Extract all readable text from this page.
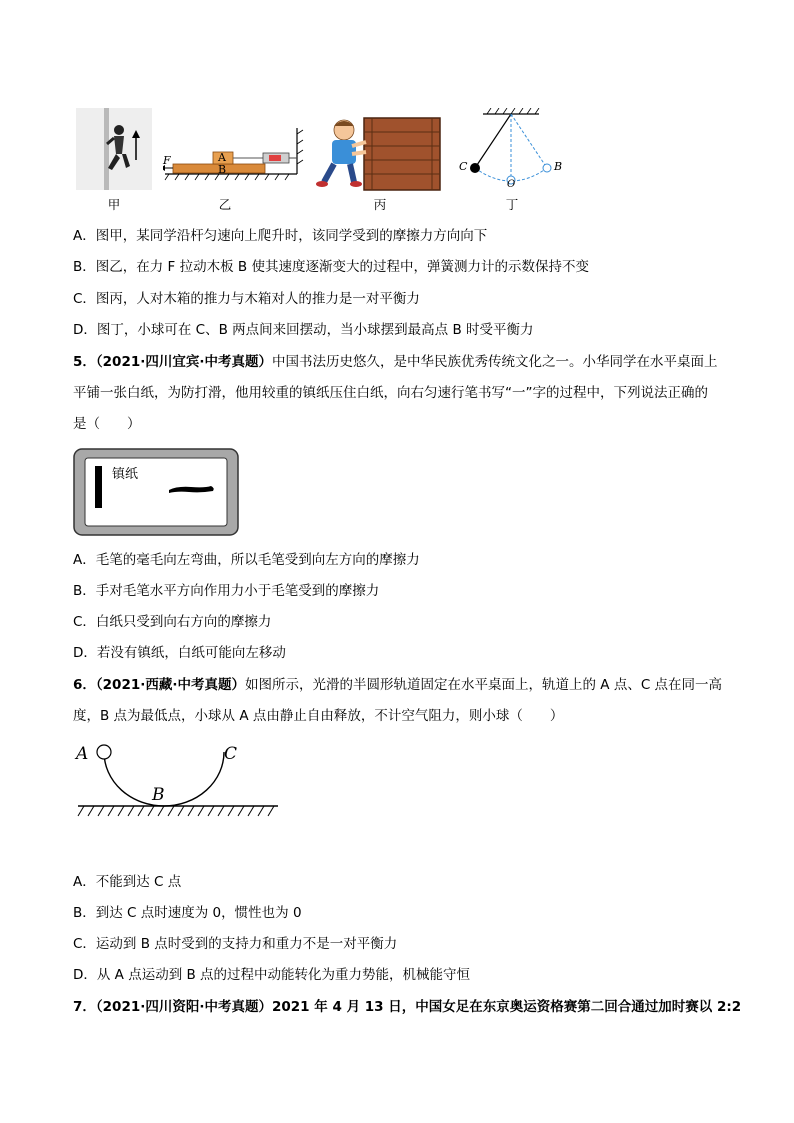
甲
F	A
B
乙	丙
C
O
B
丁
A．图甲，某同学沿杆匀速向上爬升时，该同学受到的摩擦力方向向下
B．图乙，在力 F 拉动木板 B 使其速度逐渐变大的过程中，弹簧测力计的示数保持不变
C．图丙，人对木箱的推力与木箱对人的推力是一对平衡力
D．图丁，小球可在 C、B 两点间来回摆动，当小球摆到最高点 B 时受平衡力
5．（2021·四川宜宾·中考真题）中国书法历史悠久，是中华民族优秀传统文化之一。小华同学在水平桌面上
平铺一张白纸，为防打滑，他用较重的镇纸压住白纸，向右匀速行笔书写“一”字的过程中，下列说法正确的
是（　　）
镇纸
A．毛笔的毫毛向左弯曲，所以毛笔受到向左方向的摩擦力
B．手对毛笔水平方向作用力小于毛笔受到的摩擦力
C．白纸只受到向右方向的摩擦力
D．若没有镇纸，白纸可能向左移动
6．（2021·西藏·中考真题）如图所示，光滑的半圆形轨道固定在水平桌面上，轨道上的 A 点、C 点在同一高
度，B 点为最低点，小球从 A 点由静止自由释放，不计空气阻力，则小球（　　）
A	C
B
A．不能到达 C 点
B．到达 C 点时速度为 0，惯性也为 0
C．运动到 B 点时受到的支持力和重力不是一对平衡力
D．从 A 点运动到 B 点的过程中动能转化为重力势能，机械能守恒
7．（2021·四川资阳·中考真题）2021 年 4 月 13 日，中国女足在东京奥运资格赛第二回合通过加时赛以 2:2
